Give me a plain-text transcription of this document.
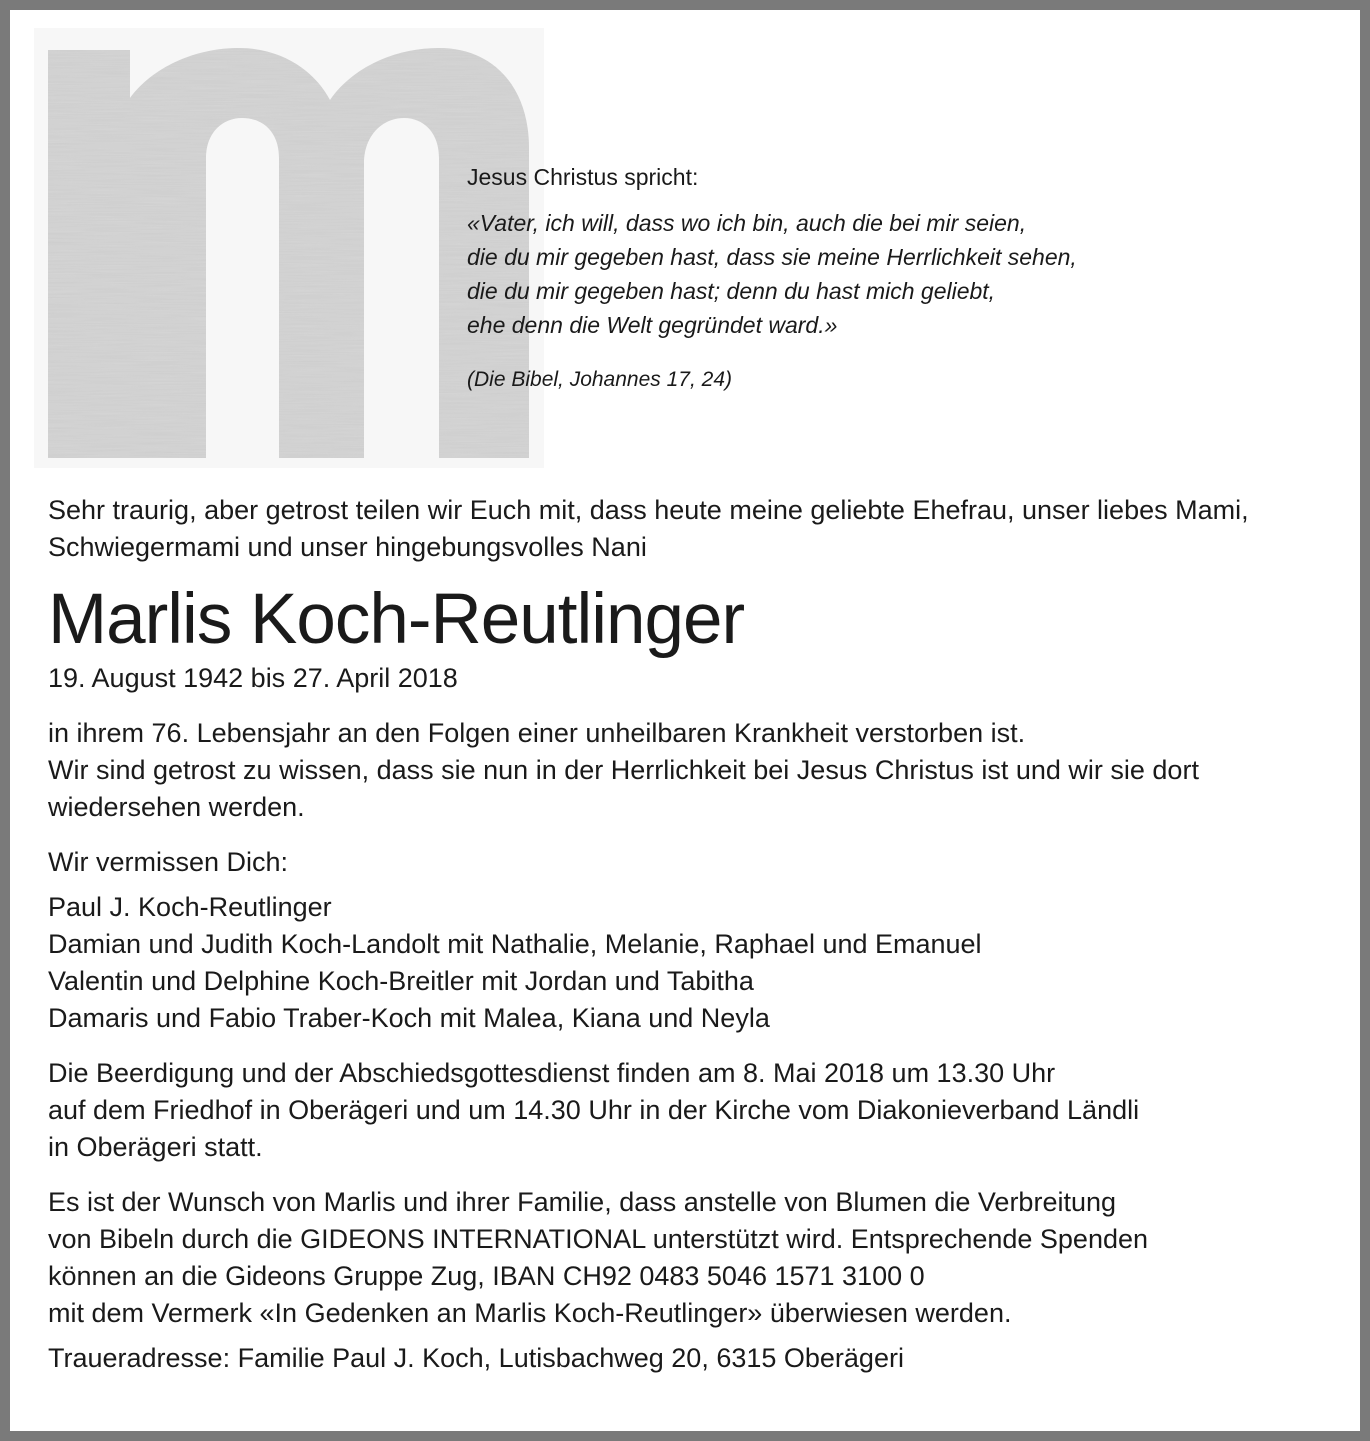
Jesus Christus spricht:

«Vater, ich will, dass wo ich bin, auch die bei mir seien,
die du mir gegeben hast, dass sie meine Herrlichkeit sehen,
die du mir gegeben hast; denn du hast mich geliebt,
ehe denn die Welt gegründet ward.»

(Die Bibel, Johannes 17, 24)

Sehr traurig, aber getrost teilen wir Euch mit, dass heute meine geliebte Ehefrau, unser liebes Mami,
Schwiegermami und unser hingebungsvolles Nani

Marlis Koch-Reutlinger

19. August 1942 bis 27. April 2018

in ihrem 76. Lebensjahr an den Folgen einer unheilbaren Krankheit verstorben ist.
Wir sind getrost zu wissen, dass sie nun in der Herrlichkeit bei Jesus Christus ist und wir sie dort
wiedersehen werden.

Wir vermissen Dich:

Paul J. Koch-Reutlinger
Damian und Judith Koch-Landolt mit Nathalie, Melanie, Raphael und Emanuel
Valentin und Delphine Koch-Breitler mit Jordan und Tabitha
Damaris und Fabio Traber-Koch mit Malea, Kiana und Neyla

Die Beerdigung und der Abschiedsgottesdienst finden am 8. Mai 2018 um 13.30 Uhr
auf dem Friedhof in Oberägeri und um 14.30 Uhr in der Kirche vom Diakonieverband Ländli
in Oberägeri statt.

Es ist der Wunsch von Marlis und ihrer Familie, dass anstelle von Blumen die Verbreitung
von Bibeln durch die GIDEONS INTERNATIONAL unterstützt wird. Entsprechende Spenden
können an die Gideons Gruppe Zug, IBAN CH92 0483 5046 1571 3100 0
mit dem Vermerk «In Gedenken an Marlis Koch-Reutlinger» überwiesen werden.

Traueradresse: Familie Paul J. Koch, Lutisbachweg 20, 6315 Oberägeri
